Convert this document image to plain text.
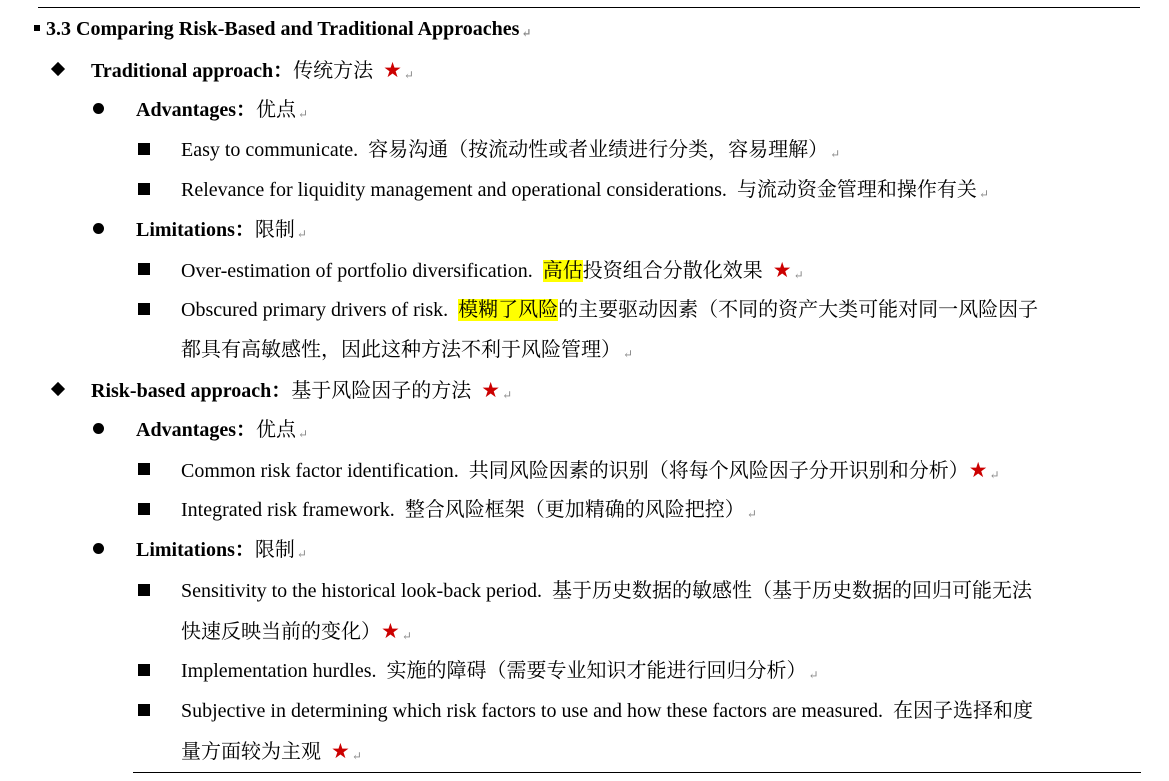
3.3 Comparing Risk-Based and Traditional Approaches ↵
Traditional approach：传统方法 ★ ↵
Advantages：优点 ↵
Easy to communicate. 容易沟通（按流动性或者业绩进行分类，容易理解） ↵
Relevance for liquidity management and operational considerations. 与流动资金管理和操作有关 ↵
Limitations：限制 ↵
Over-estimation of portfolio diversification. 高估投资组合分散化效果 ★ ↵
Obscured primary drivers of risk. 模糊了风险的主要驱动因素（不同的资产大类可能对同一风险因子
都具有高敏感性，因此这种方法不利于风险管理） ↵
Risk-based approach：基于风险因子的方法 ★ ↵
Advantages：优点 ↵
Common risk factor identification. 共同风险因素的识别（将每个风险因子分开识别和分析）★ ↵
Integrated risk framework. 整合风险框架（更加精确的风险把控） ↵
Limitations：限制 ↵
Sensitivity to the historical look-back period. 基于历史数据的敏感性（基于历史数据的回归可能无法
快速反映当前的变化）★ ↵
Implementation hurdles. 实施的障碍（需要专业知识才能进行回归分析） ↵
Subjective in determining which risk factors to use and how these factors are measured. 在因子选择和度
量方面较为主观 ★ ↵
